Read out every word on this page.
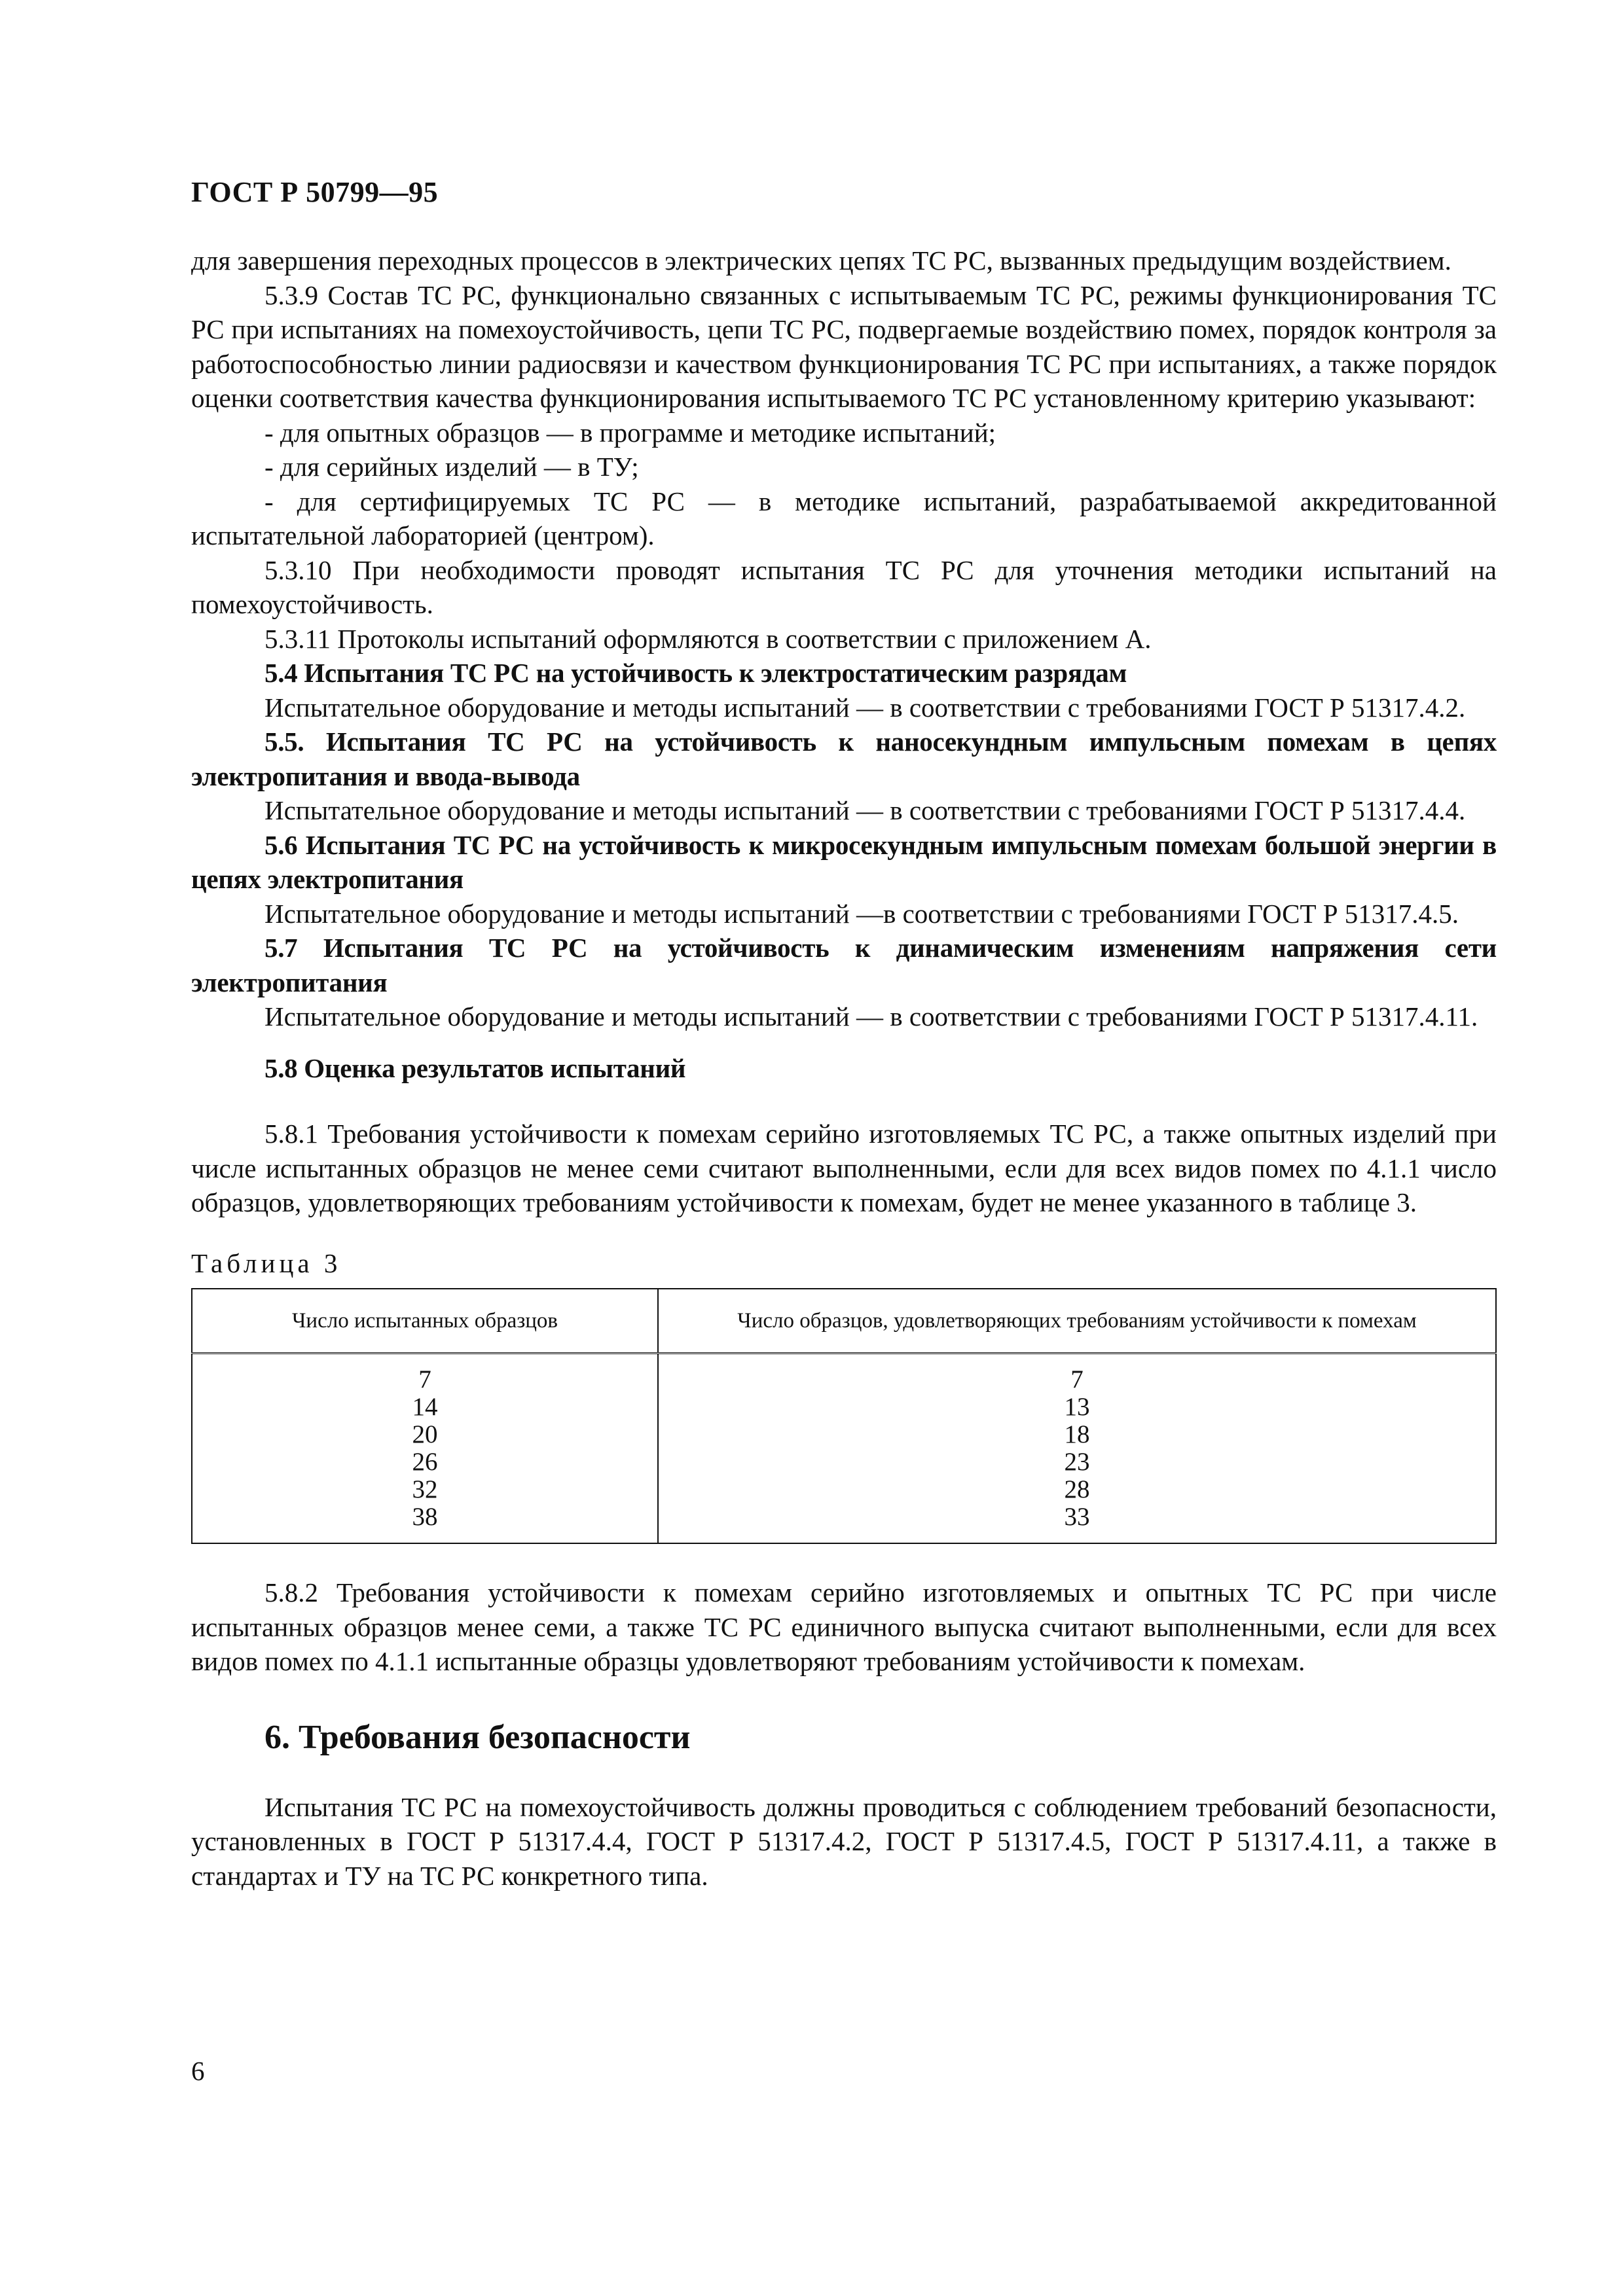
ГОСТ Р 50799—95

для завершения переходных процессов в электрических цепях ТС РС, вызванных предыдущим воздействием.

5.3.9 Состав ТС РС, функционально связанных с испытываемым ТС РС, режимы функционирования ТС РС при испытаниях на помехоустойчивость, цепи ТС РС, подвергаемые воздействию помех, порядок контроля за работоспособностью линии радиосвязи и качеством функционирования ТС РС при испытаниях, а также порядок оценки соответствия качества функционирования испытываемого ТС РС установленному критерию указывают:

- для опытных образцов — в программе и методике испытаний;

- для серийных изделий — в ТУ;

- для сертифицируемых ТС РС — в методике испытаний, разрабатываемой аккредитованной испытательной лабораторией (центром).

5.3.10 При необходимости проводят испытания ТС РС для уточнения методики испытаний на помехоустойчивость.

5.3.11 Протоколы испытаний оформляются в соответствии с приложением А.

5.4 Испытания ТС РС на устойчивость к электростатическим разрядам

Испытательное оборудование и методы испытаний — в соответствии с требованиями ГОСТ Р 51317.4.2.

5.5. Испытания ТС РС на устойчивость к наносекундным импульсным помехам в цепях электропитания и ввода-вывода

Испытательное оборудование и методы испытаний — в соответствии с требованиями ГОСТ Р 51317.4.4.

5.6 Испытания ТС РС на устойчивость к микросекундным импульсным помехам большой энергии в цепях электропитания

Испытательное оборудование и методы испытаний —в соответствии с требованиями ГОСТ Р 51317.4.5.

5.7 Испытания ТС РС на устойчивость к динамическим изменениям напряжения сети электропитания

Испытательное оборудование и методы испытаний — в соответствии с требованиями ГОСТ Р 51317.4.11.

5.8 Оценка результатов испытаний

5.8.1 Требования устойчивости к помехам серийно изготовляемых ТС РС, а также опытных изделий при числе испытанных образцов не менее семи считают выполненными, если для всех видов помех по 4.1.1 число образцов, удовлетворяющих требованиям устойчивости к помехам, будет не менее указанного в таблице 3.

Таблица 3

Число испытанных образцов	Число образцов, удовлетворяющих требованиям устойчивости к помехам
7	7
14	13
20	18
26	23
32	28
38	33

5.8.2 Требования устойчивости к помехам серийно изготовляемых и опытных ТС РС при числе испытанных образцов менее семи, а также ТС РС единичного выпуска считают выполненными, если для всех видов помех по 4.1.1 испытанные образцы удовлетворяют требованиям устойчивости к помехам.

6. Требования безопасности

Испытания ТС РС на помехоустойчивость должны проводиться с соблюдением требований безопасности, установленных в ГОСТ Р 51317.4.4, ГОСТ Р 51317.4.2, ГОСТ Р 51317.4.5, ГОСТ Р 51317.4.11, а также в стандартах и ТУ на ТС РС конкретного типа.

6
